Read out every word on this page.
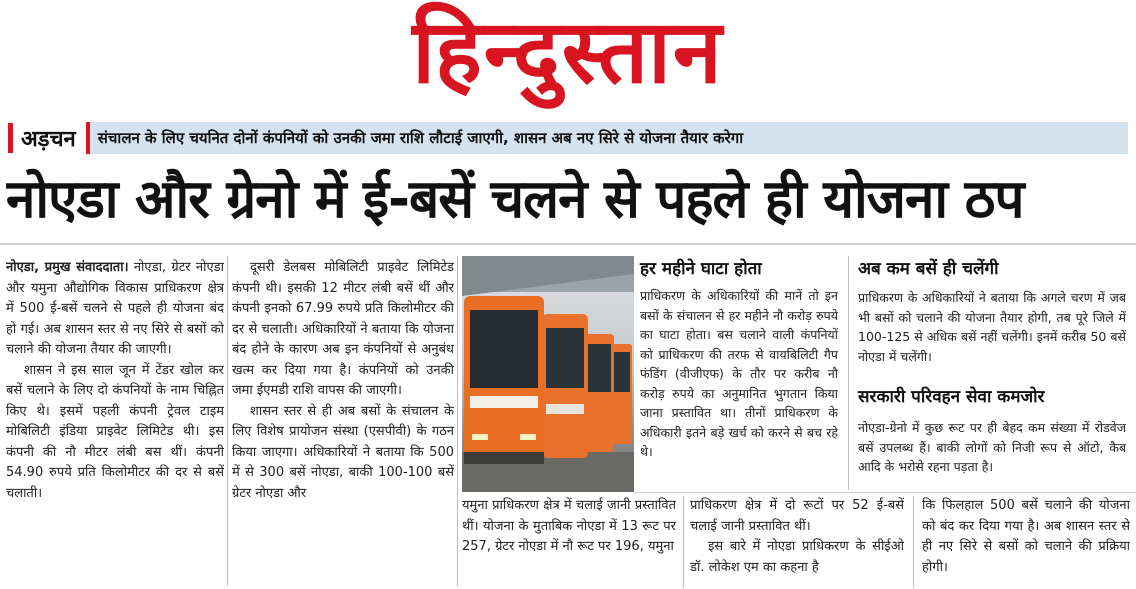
हिन्दुस्तान
अड़चन	संचालन के लिए चयनित दोनों कंपनियों को उनकी जमा राशि लौटाई जाएगी, शासन अब नए सिरे से योजना तैयार करेगा
नोएडा और ग्रेनो में ई-बसें चलने से पहले ही योजना ठप

नोएडा, प्रमुख संवाददाता। नोएडा, ग्रेटर नोएडा और यमुना औद्योगिक विकास प्राधिकरण क्षेत्र में 500 ई-बसें चलने से पहले ही योजना बंद हो गई। अब शासन स्तर से नए सिरे से बसों को चलाने की योजना तैयार की जाएगी।

शासन ने इस साल जून में टेंडर खोल कर बसें चलाने के लिए दो कंपनियों के नाम चिह्नित किए थे। इसमें पहली कंपनी ट्रेवल टाइम मोबिलिटी इंडिया प्राइवेट लिमिटेड थी। इस कंपनी की नौ मीटर लंबी बस थीं। कंपनी 54.90 रुपये प्रति किलोमीटर की दर से बसें चलाती।

दूसरी डेलबस मोबिलिटी प्राइवेट लिमिटेड कंपनी थी। इसकी 12 मीटर लंबी बसें थीं और कंपनी इनको 67.99 रुपये प्रति किलोमीटर की दर से चलाती। अधिकारियों ने बताया कि योजना बंद होने के कारण अब इन कंपनियों से अनुबंध खत्म कर दिया गया है। कंपनियों को उनकी जमा ईएमडी राशि वापस की जाएगी।

शासन स्तर से ही अब बसों के संचालन के लिए विशेष प्रायोजन संस्था (एसपीवी) के गठन किया जाएगा। अधिकारियों ने बताया कि 500 में से 300 बसें नोएडा, बाकी 100-100 बसें ग्रेटर नोएडा और

हर महीने घाटा होता
प्राधिकरण के अधिकारियों की मानें तो इन बसों के संचालन से हर महीने नौ करोड़ रुपये का घाटा होता। बस चलाने वाली कंपनियों को प्राधिकरण की तरफ से वायबिलिटी गैप फंडिंग (वीजीएफ) के तौर पर करीब नौ करोड़ रुपये का अनुमानित भुगतान किया जाना प्रस्तावित था। तीनों प्राधिकरण के अधिकारी इतने बड़े खर्च को करने से बच रहे थे।
अब कम बसें ही चलेंगी
प्राधिकरण के अधिकारियों ने बताया कि अगले चरण में जब भी बसों को चलाने की योजना तैयार होगी, तब पूरे जिले में 100-125 से अधिक बसें नहीं चलेंगी। इनमें करीब 50 बसें नोएडा में चलेंगी।
सरकारी परिवहन सेवा कमजोर
नोएडा-ग्रेनो में कुछ रूट पर ही बेहद कम संख्या में रोडवेज बसें उपलब्ध हैं। बाकी लोगों को निजी रूप से ऑटो, कैब आदि के भरोसे रहना पड़ता है।

यमुना प्राधिकरण क्षेत्र में चलाई जानी प्रस्तावित थीं। योजना के मुताबिक नोएडा में 13 रूट पर 257, ग्रेटर नोएडा में नौ रूट पर 196, यमुना

प्राधिकरण क्षेत्र में दो रूटों पर 52 ई-बसें चलाई जानी प्रस्तावित थीं।

इस बारे में नोएडा प्राधिकरण के सीईओ डॉ. लोकेश एम का कहना है

कि फिलहाल 500 बसें चलाने की योजना को बंद कर दिया गया है। अब शासन स्तर से ही नए सिरे से बसों को चलाने की प्रक्रिया होगी।
